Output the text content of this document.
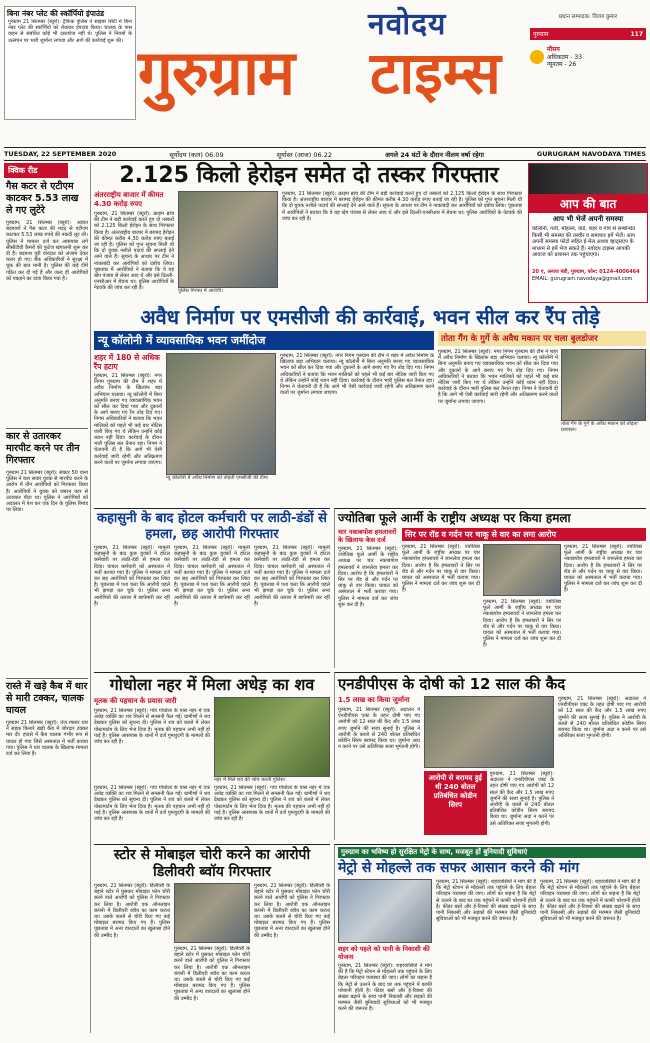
बिना नंबर प्लेट की स्कॉर्पियो इंपाउंड
गुरुग्राम 21 सितम्बर (ब्यूरो): ट्रैफिक पुलिस ने साइबर सिटी में बिना नंबर प्लेट की स्कॉर्पियो को रोककर इंपाउंड किया। चालक के पास वाहन से संबंधित कोई भी दस्तावेज नहीं थे। पुलिस ने नियमों के उल्लंघन पर भारी जुर्माना लगाया और आगे की कार्रवाई शुरू की।	नवोदय
गुरुग्राम टाइम्स
प्रधान सम्पादक: विजय कुमार
गुरुग्राम	117
मौसम
अधिकतम - 33
न्यूनतम - 26
TUESDAY, 22 SEPTEMBER 2020	सूर्योदय (कल) 06.09	सूर्यास्त (आज) 06.22	अगले 24 घंटों के दौरान नीलम वर्षा रहेगा	GURUGRAM NAVODAYA TIMES
क्विक रीड
गैस कटर से एटीएम काटकर 5.53 लाख ले गए लुटेरे
गुरुग्राम, 21 सितम्बर (ब्यूरो): अज्ञात बदमाशों ने गैस कटर की मदद से एटीएम काटकर 5.53 लाख रुपये की नकदी लूट ली। पुलिस ने मामला दर्ज कर आसपास लगे सीसीटीवी कैमरों की फुटेज खंगालनी शुरू कर दी है। बदमाश पूरी वारदात को अंजाम देकर फरार हो गए। बैंक अधिकारियों ने सुरक्षा में चूक की बात मानी है। पुलिस की कई टीमें गठित कर दी गई हैं और जल्द ही आरोपियों को पकड़ने का दावा किया गया है।
कार से उतारकर मारपीट करने पर तीन गिरफ्तार
गुरुग्राम 21 सितम्बर (ब्यूरो): सेक्टर 50 थाना पुलिस ने कार सवार युवक से मारपीट करने के आरोप में तीन आरोपियों को गिरफ्तार किया है। आरोपियों ने युवक को जबरन कार से उतारकर पीटा था। पुलिस ने आरोपियों को अदालत में पेश कर एक दिन के पुलिस रिमांड पर लिया।
रास्ते में खड़े कैब में थार से मारी टक्कर, चालक घायल
गुरुग्राम 21 सितम्बर (ब्यूरो): तेज रफ्तार थार ने सड़क किनारे खड़ी कैब में जोरदार टक्कर मार दी। हादसे में कैब चालक गंभीर रूप से घायल हो गया जिसे अस्पताल में भर्ती कराया गया। पुलिस ने थार चालक के खिलाफ मामला दर्ज कर लिया है।
2.125 किलो हेरोइन समेत दो तस्कर गिरफ्तार
अंतरराष्ट्रीय बाजार में कीमत 4.30 करोड़ रुपए
गुरुग्राम, 21 सितम्बर (ब्यूरो): क्राइम ब्रांच की टीम ने बड़ी कार्रवाई करते हुए दो तस्करों को 2.125 किलो हेरोइन के साथ गिरफ्तार किया है। अंतरराष्ट्रीय बाजार में बरामद हेरोइन की कीमत करीब 4.30 करोड़ रुपए बताई जा रही है। पुलिस को गुप्त सूचना मिली थी कि दो युवक नशीले पदार्थ की सप्लाई देने आने वाले हैं। सूचना के आधार पर टीम ने नाकाबंदी कर आरोपियों को दबोच लिया। पूछताछ में आरोपियों ने बताया कि वे यह खेप पंजाब से लेकर आए थे और इसे दिल्ली-एनसीआर में बेचना था। पुलिस आरोपियों के नेटवर्क की जांच कर रही है।	पुलिस गिरफ्त में आरोपी।
गुरुग्राम, 21 सितम्बर (ब्यूरो): क्राइम ब्रांच की टीम ने बड़ी कार्रवाई करते हुए दो तस्करों को 2.125 किलो हेरोइन के साथ गिरफ्तार किया है। अंतरराष्ट्रीय बाजार में बरामद हेरोइन की कीमत करीब 4.30 करोड़ रुपए बताई जा रही है। पुलिस को गुप्त सूचना मिली थी कि दो युवक नशीले पदार्थ की सप्लाई देने आने वाले हैं। सूचना के आधार पर टीम ने नाकाबंदी कर आरोपियों को दबोच लिया। पूछताछ में आरोपियों ने बताया कि वे यह खेप पंजाब से लेकर आए थे और इसे दिल्ली-एनसीआर में बेचना था। पुलिस आरोपियों के नेटवर्क की जांच कर रही है।
आप की बात
आप भी भेजें अपनी समस्या
कॉलोनी, गली, मोहल्ले, वार्ड, शहर व गांव से सम्बन्धित किसी भी समस्या की तस्वीर व समाचार हमें भेजें। आप अपनी समस्या फोटो सहित ई-मेल अथवा व्हाट्सएप के माध्यम से हमें भेज सकते हैं। नवोदय टाइम्स आपकी आवाज को प्रशासन तक पहुंचाएगा।
20 ए, अनाज मंडी, गुरुग्राम, फोन: 0124-4006464
EMAIL: gurugram.navodaya@gmail.com
अवैध निर्माण पर एमसीजी की कार्रवाई, भवन सील कर रैंप तोड़े
न्यू कॉलोनी में व्यावसायिक भवन जमींदोज
शहर में 180 से अधिक रैंप हटाए
गुरुग्राम, 21 सितम्बर (ब्यूरो): नगर निगम गुरुग्राम की टीम ने शहर में अवैध निर्माण के खिलाफ बड़ा अभियान चलाया। न्यू कॉलोनी में बिना अनुमति बनाए गए व्यावसायिक भवन को सील कर दिया गया और दुकानों के आगे बनाए गए रैंप तोड़ दिए गए। निगम अधिकारियों ने बताया कि भवन मालिकों को पहले भी कई बार नोटिस जारी किए गए थे लेकिन उन्होंने कोई ध्यान नहीं दिया। कार्रवाई के दौरान भारी पुलिस बल तैनात रहा। निगम ने चेतावनी दी है कि आगे भी ऐसी कार्रवाई जारी रहेगी और अतिक्रमण करने वालों पर जुर्माना लगाया जाएगा।
न्यू कॉलोनी में अवैध निर्माण को तोड़ती एमसीजी की टीम।
गुरुग्राम, 21 सितम्बर (ब्यूरो): नगर निगम गुरुग्राम की टीम ने शहर में अवैध निर्माण के खिलाफ बड़ा अभियान चलाया। न्यू कॉलोनी में बिना अनुमति बनाए गए व्यावसायिक भवन को सील कर दिया गया और दुकानों के आगे बनाए गए रैंप तोड़ दिए गए। निगम अधिकारियों ने बताया कि भवन मालिकों को पहले भी कई बार नोटिस जारी किए गए थे लेकिन उन्होंने कोई ध्यान नहीं दिया। कार्रवाई के दौरान भारी पुलिस बल तैनात रहा। निगम ने चेतावनी दी है कि आगे भी ऐसी कार्रवाई जारी रहेगी और अतिक्रमण करने वालों पर जुर्माना लगाया जाएगा।
तोता गैंग के गुर्गे के अवैध मकान पर चला बुलडोजर
गुरुग्राम, 21 सितम्बर (ब्यूरो): नगर निगम गुरुग्राम की टीम ने शहर में अवैध निर्माण के खिलाफ बड़ा अभियान चलाया। न्यू कॉलोनी में बिना अनुमति बनाए गए व्यावसायिक भवन को सील कर दिया गया और दुकानों के आगे बनाए गए रैंप तोड़ दिए गए। निगम अधिकारियों ने बताया कि भवन मालिकों को पहले भी कई बार नोटिस जारी किए गए थे लेकिन उन्होंने कोई ध्यान नहीं दिया। कार्रवाई के दौरान भारी पुलिस बल तैनात रहा। निगम ने चेतावनी दी है कि आगे भी ऐसी कार्रवाई जारी रहेगी और अतिक्रमण करने वालों पर जुर्माना लगाया जाएगा।
तोता गैंग के गुर्गे के अवैध मकान को तोड़ता प्रशासन।
कहासुनी के बाद होटल कर्मचारी पर लाठी-डंडों से हमला, छह आरोपी गिरफ्तार
गुरुग्राम, 21 सितम्बर (ब्यूरो): मामूली कहासुनी के बाद कुछ युवकों ने होटल कर्मचारी पर लाठी-डंडों से हमला कर दिया। घायल कर्मचारी को अस्पताल में भर्ती कराया गया है। पुलिस ने मामला दर्ज कर छह आरोपियों को गिरफ्तार कर लिया है। पूछताछ में पता चला कि आरोपी पहले भी झगड़ा कर चुके थे। पुलिस अन्य आरोपियों की तलाश में छापेमारी कर रही है।
गुरुग्राम, 21 सितम्बर (ब्यूरो): मामूली कहासुनी के बाद कुछ युवकों ने होटल कर्मचारी पर लाठी-डंडों से हमला कर दिया। घायल कर्मचारी को अस्पताल में भर्ती कराया गया है। पुलिस ने मामला दर्ज कर छह आरोपियों को गिरफ्तार कर लिया है। पूछताछ में पता चला कि आरोपी पहले भी झगड़ा कर चुके थे। पुलिस अन्य आरोपियों की तलाश में छापेमारी कर रही है।
गुरुग्राम, 21 सितम्बर (ब्यूरो): मामूली कहासुनी के बाद कुछ युवकों ने होटल कर्मचारी पर लाठी-डंडों से हमला कर दिया। घायल कर्मचारी को अस्पताल में भर्ती कराया गया है। पुलिस ने मामला दर्ज कर छह आरोपियों को गिरफ्तार कर लिया है। पूछताछ में पता चला कि आरोपी पहले भी झगड़ा कर चुके थे। पुलिस अन्य आरोपियों की तलाश में छापेमारी कर रही है।
ज्योतिबा फूले आर्मी के राष्ट्रीय अध्यक्ष पर किया हमला
चार नकाबपोश हमलावरों के खिलाफ केस दर्ज
गुरुग्राम, 21 सितम्बर (ब्यूरो): ज्योतिबा फूले आर्मी के राष्ट्रीय अध्यक्ष पर चार नकाबपोश हमलावरों ने जानलेवा हमला कर दिया। आरोप है कि हमलावरों ने सिर पर रॉड से और गर्दन पर चाकू से वार किया। घायल को अस्पताल में भर्ती कराया गया। पुलिस ने मामला दर्ज कर जांच शुरू कर दी है।
सिर पर रॉड व गर्दन पर चाकू से वार का लगा आरोप
गुरुग्राम, 21 सितम्बर (ब्यूरो): ज्योतिबा फूले आर्मी के राष्ट्रीय अध्यक्ष पर चार नकाबपोश हमलावरों ने जानलेवा हमला कर दिया। आरोप है कि हमलावरों ने सिर पर रॉड से और गर्दन पर चाकू से वार किया। घायल को अस्पताल में भर्ती कराया गया। पुलिस ने मामला दर्ज कर जांच शुरू कर दी है।
गुरुग्राम, 21 सितम्बर (ब्यूरो): ज्योतिबा फूले आर्मी के राष्ट्रीय अध्यक्ष पर चार नकाबपोश हमलावरों ने जानलेवा हमला कर दिया। आरोप है कि हमलावरों ने सिर पर रॉड से और गर्दन पर चाकू से वार किया। घायल को अस्पताल में भर्ती कराया गया। पुलिस ने मामला दर्ज कर जांच शुरू कर दी है।
गुरुग्राम, 21 सितम्बर (ब्यूरो): ज्योतिबा फूले आर्मी के राष्ट्रीय अध्यक्ष पर चार नकाबपोश हमलावरों ने जानलेवा हमला कर दिया। आरोप है कि हमलावरों ने सिर पर रॉड से और गर्दन पर चाकू से वार किया। घायल को अस्पताल में भर्ती कराया गया। पुलिस ने मामला दर्ज कर जांच शुरू कर दी है।
गोधोला नहर में मिला अधेड़ का शव
मृतक की पहचान के प्रयास जारी
गुरुग्राम, 21 सितम्बर (ब्यूरो): गांव गोधोला के पास नहर में एक अधेड़ व्यक्ति का शव मिलने से सनसनी फैल गई। ग्रामीणों ने शव देखकर पुलिस को सूचना दी। पुलिस ने शव को कब्जे में लेकर पोस्टमार्टम के लिए भेज दिया है। मृतक की पहचान अभी नहीं हो पाई है। पुलिस आसपास के थानों में दर्ज गुमशुदगी के मामलों की जांच कर रही है।
नहर में मिले शव की जांच करती पुलिस।
गुरुग्राम, 21 सितम्बर (ब्यूरो): गांव गोधोला के पास नहर में एक अधेड़ व्यक्ति का शव मिलने से सनसनी फैल गई। ग्रामीणों ने शव देखकर पुलिस को सूचना दी। पुलिस ने शव को कब्जे में लेकर पोस्टमार्टम के लिए भेज दिया है। मृतक की पहचान अभी नहीं हो पाई है। पुलिस आसपास के थानों में दर्ज गुमशुदगी के मामलों की जांच कर रही है।
गुरुग्राम, 21 सितम्बर (ब्यूरो): गांव गोधोला के पास नहर में एक अधेड़ व्यक्ति का शव मिलने से सनसनी फैल गई। ग्रामीणों ने शव देखकर पुलिस को सूचना दी। पुलिस ने शव को कब्जे में लेकर पोस्टमार्टम के लिए भेज दिया है। मृतक की पहचान अभी नहीं हो पाई है। पुलिस आसपास के थानों में दर्ज गुमशुदगी के मामलों की जांच कर रही है।
एनडीपीएस के दोषी को 12 साल की कैद
1.5 लाख का किया जुर्माना
गुरुग्राम, 21 सितम्बर (ब्यूरो): अदालत ने एनडीपीएस एक्ट के तहत दोषी पाए गए आरोपी को 12 साल की कैद और 1.5 लाख रुपए जुर्माने की सजा सुनाई है। पुलिस ने आरोपी के कब्जे से 240 बोतल प्रतिबंधित कोडीन सिरप बरामद किया था। जुर्माना अदा न करने पर उसे अतिरिक्त सजा भुगतनी होगी।
आरोपी से बरामद हुई थी 240 बोतल प्रतिबंधित कोडीन सिरप
गुरुग्राम, 21 सितम्बर (ब्यूरो): अदालत ने एनडीपीएस एक्ट के तहत दोषी पाए गए आरोपी को 12 साल की कैद और 1.5 लाख रुपए जुर्माने की सजा सुनाई है। पुलिस ने आरोपी के कब्जे से 240 बोतल प्रतिबंधित कोडीन सिरप बरामद किया था। जुर्माना अदा न करने पर उसे अतिरिक्त सजा भुगतनी होगी।
गुरुग्राम, 21 सितम्बर (ब्यूरो): अदालत ने एनडीपीएस एक्ट के तहत दोषी पाए गए आरोपी को 12 साल की कैद और 1.5 लाख रुपए जुर्माने की सजा सुनाई है। पुलिस ने आरोपी के कब्जे से 240 बोतल प्रतिबंधित कोडीन सिरप बरामद किया था। जुर्माना अदा न करने पर उसे अतिरिक्त सजा भुगतनी होगी।
स्टोर से मोबाइल चोरी करने का आरोपी डिलीवरी ब्वॉय गिरफ्तार
गुरुग्राम, 21 सितम्बर (ब्यूरो): डिलीवरी के बहाने स्टोर में घुसकर मोबाइल फोन चोरी करने वाले आरोपी को पुलिस ने गिरफ्तार कर लिया है। आरोपी एक ऑनलाइन कंपनी में डिलीवरी ब्वॉय का काम करता था। उसके कब्जे से चोरी किए गए कई मोबाइल बरामद किए गए हैं। पुलिस पूछताछ में अन्य वारदातों का खुलासा होने की उम्मीद है।
गुरुग्राम, 21 सितम्बर (ब्यूरो): डिलीवरी के बहाने स्टोर में घुसकर मोबाइल फोन चोरी करने वाले आरोपी को पुलिस ने गिरफ्तार कर लिया है। आरोपी एक ऑनलाइन कंपनी में डिलीवरी ब्वॉय का काम करता था। उसके कब्जे से चोरी किए गए कई मोबाइल बरामद किए गए हैं। पुलिस पूछताछ में अन्य वारदातों का खुलासा होने की उम्मीद है।
गुरुग्राम, 21 सितम्बर (ब्यूरो): डिलीवरी के बहाने स्टोर में घुसकर मोबाइल फोन चोरी करने वाले आरोपी को पुलिस ने गिरफ्तार कर लिया है। आरोपी एक ऑनलाइन कंपनी में डिलीवरी ब्वॉय का काम करता था। उसके कब्जे से चोरी किए गए कई मोबाइल बरामद किए गए हैं। पुलिस पूछताछ में अन्य वारदातों का खुलासा होने की उम्मीद है।
गुरुग्राम का भविष्य हो सुरक्षित मेट्रो के साथ, मजबूत हों बुनियादी सुविधाएं
मेट्रो से मोहल्ले तक सफर आसान करने की मांग
शहर को पहले को पानी के निकासी की योजना
गुरुग्राम, 21 सितम्बर (ब्यूरो): शहरवासियों ने मांग की है कि मेट्रो स्टेशन से मोहल्लों तक पहुंचने के लिए बेहतर परिवहन व्यवस्था की जाए। लोगों का कहना है कि मेट्रो से उतरने के बाद घर तक पहुंचने में काफी परेशानी होती है। फीडर बसों और ई-रिक्शा की संख्या बढ़ाने के साथ पानी निकासी और सड़कों की मरम्मत जैसी बुनियादी सुविधाओं को भी मजबूत करने की जरूरत है।
गुरुग्राम, 21 सितम्बर (ब्यूरो): शहरवासियों ने मांग की है कि मेट्रो स्टेशन से मोहल्लों तक पहुंचने के लिए बेहतर परिवहन व्यवस्था की जाए। लोगों का कहना है कि मेट्रो से उतरने के बाद घर तक पहुंचने में काफी परेशानी होती है। फीडर बसों और ई-रिक्शा की संख्या बढ़ाने के साथ पानी निकासी और सड़कों की मरम्मत जैसी बुनियादी सुविधाओं को भी मजबूत करने की जरूरत है।
गुरुग्राम, 21 सितम्बर (ब्यूरो): शहरवासियों ने मांग की है कि मेट्रो स्टेशन से मोहल्लों तक पहुंचने के लिए बेहतर परिवहन व्यवस्था की जाए। लोगों का कहना है कि मेट्रो से उतरने के बाद घर तक पहुंचने में काफी परेशानी होती है। फीडर बसों और ई-रिक्शा की संख्या बढ़ाने के साथ पानी निकासी और सड़कों की मरम्मत जैसी बुनियादी सुविधाओं को भी मजबूत करने की जरूरत है।
